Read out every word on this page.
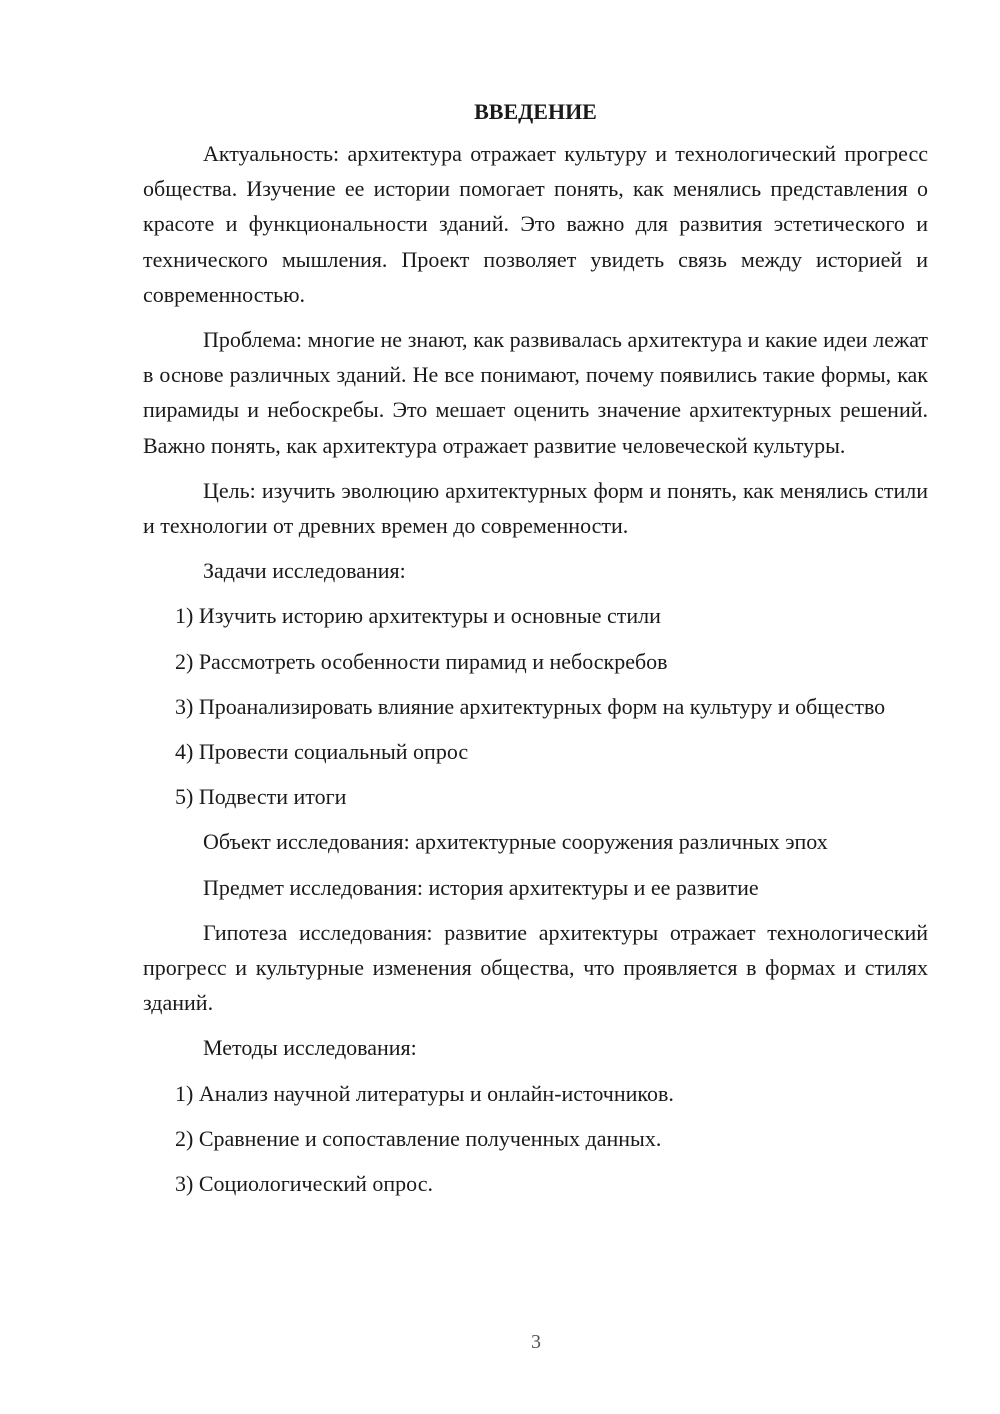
ВВЕДЕНИЕ

Актуальность: архитектура отражает культуру и технологический прогресс общества. Изучение ее истории помогает понять, как менялись представления о красоте и функциональности зданий. Это важно для развития эстетического и технического мышления. Проект позволяет увидеть связь между историей и современностью.

Проблема: многие не знают, как развивалась архитектура и какие идеи лежат в основе различных зданий. Не все понимают, почему появились такие формы, как пирамиды и небоскребы. Это мешает оценить значение архитектурных решений. Важно понять, как архитектура отражает развитие человеческой культуры.

Цель: изучить эволюцию архитектурных форм и понять, как менялись стили и технологии от древних времен до современности.

Задачи исследования:

1) Изучить историю архитектуры и основные стили
2) Рассмотреть особенности пирамид и небоскребов
3) Проанализировать влияние архитектурных форм на культуру и общество
4) Провести социальный опрос
5) Подвести итоги

Объект исследования: архитектурные сооружения различных эпох

Предмет исследования: история архитектуры и ее развитие

Гипотеза исследования: развитие архитектуры отражает технологический прогресс и культурные изменения общества, что проявляется в формах и стилях зданий.

Методы исследования:

1) Анализ научной литературы и онлайн-источников.
2) Сравнение и сопоставление полученных данных.
3) Социологический опрос.
3
